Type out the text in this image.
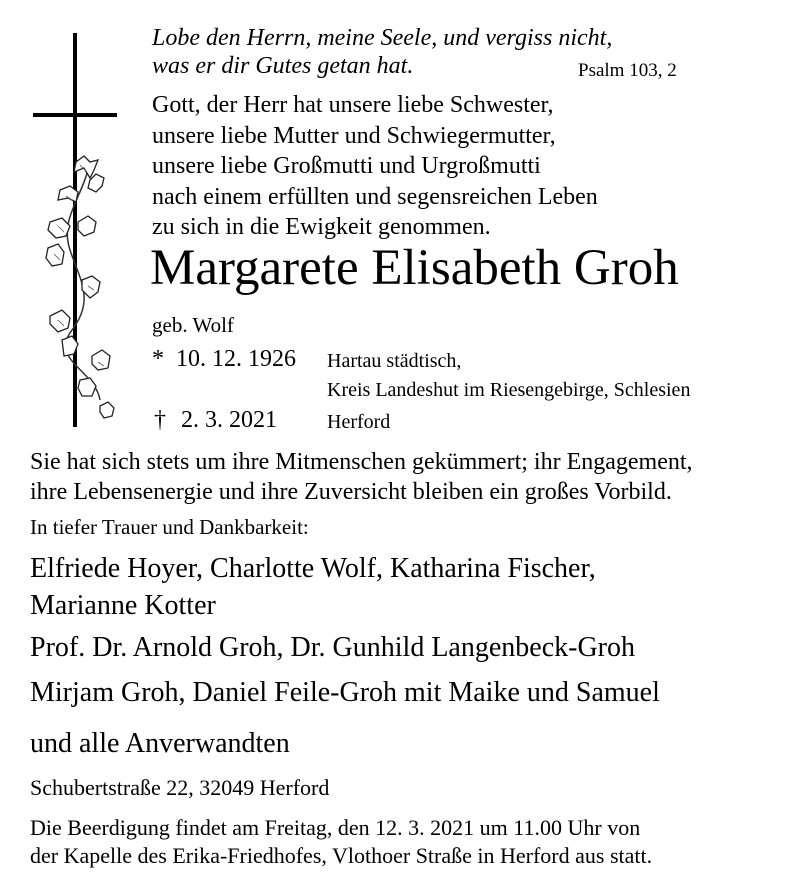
Lobe den Herrn, meine Seele, und vergiss nicht,
was er dir Gutes getan hat.	Psalm 103, 2
Gott, der Herr hat unsere liebe Schwester,
unsere liebe Mutter und Schwiegermutter,
unsere liebe Großmutti und Urgroßmutti
nach einem erfüllten und segensreichen Leben
zu sich in die Ewigkeit genommen.
Margarete Elisabeth Groh
geb. Wolf
* 10. 12. 1926 Hartau städtisch,
Kreis Landeshut im Riesengebirge, Schlesien
† 2. 3. 2021	Herford
Sie hat sich stets um ihre Mitmenschen gekümmert; ihr Engagement,
ihre Lebensenergie und ihre Zuversicht bleiben ein großes Vorbild.
In tiefer Trauer und Dankbarkeit:
Elfriede Hoyer, Charlotte Wolf, Katharina Fischer,
Marianne Kotter
Prof. Dr. Arnold Groh, Dr. Gunhild Langenbeck-Groh
Mirjam Groh, Daniel Feile-Groh mit Maike und Samuel
und alle Anverwandten
Schubertstraße 22, 32049 Herford
Die Beerdigung findet am Freitag, den 12. 3. 2021 um 11.00 Uhr von
der Kapelle des Erika-Friedhofes, Vlothoer Straße in Herford aus statt.
